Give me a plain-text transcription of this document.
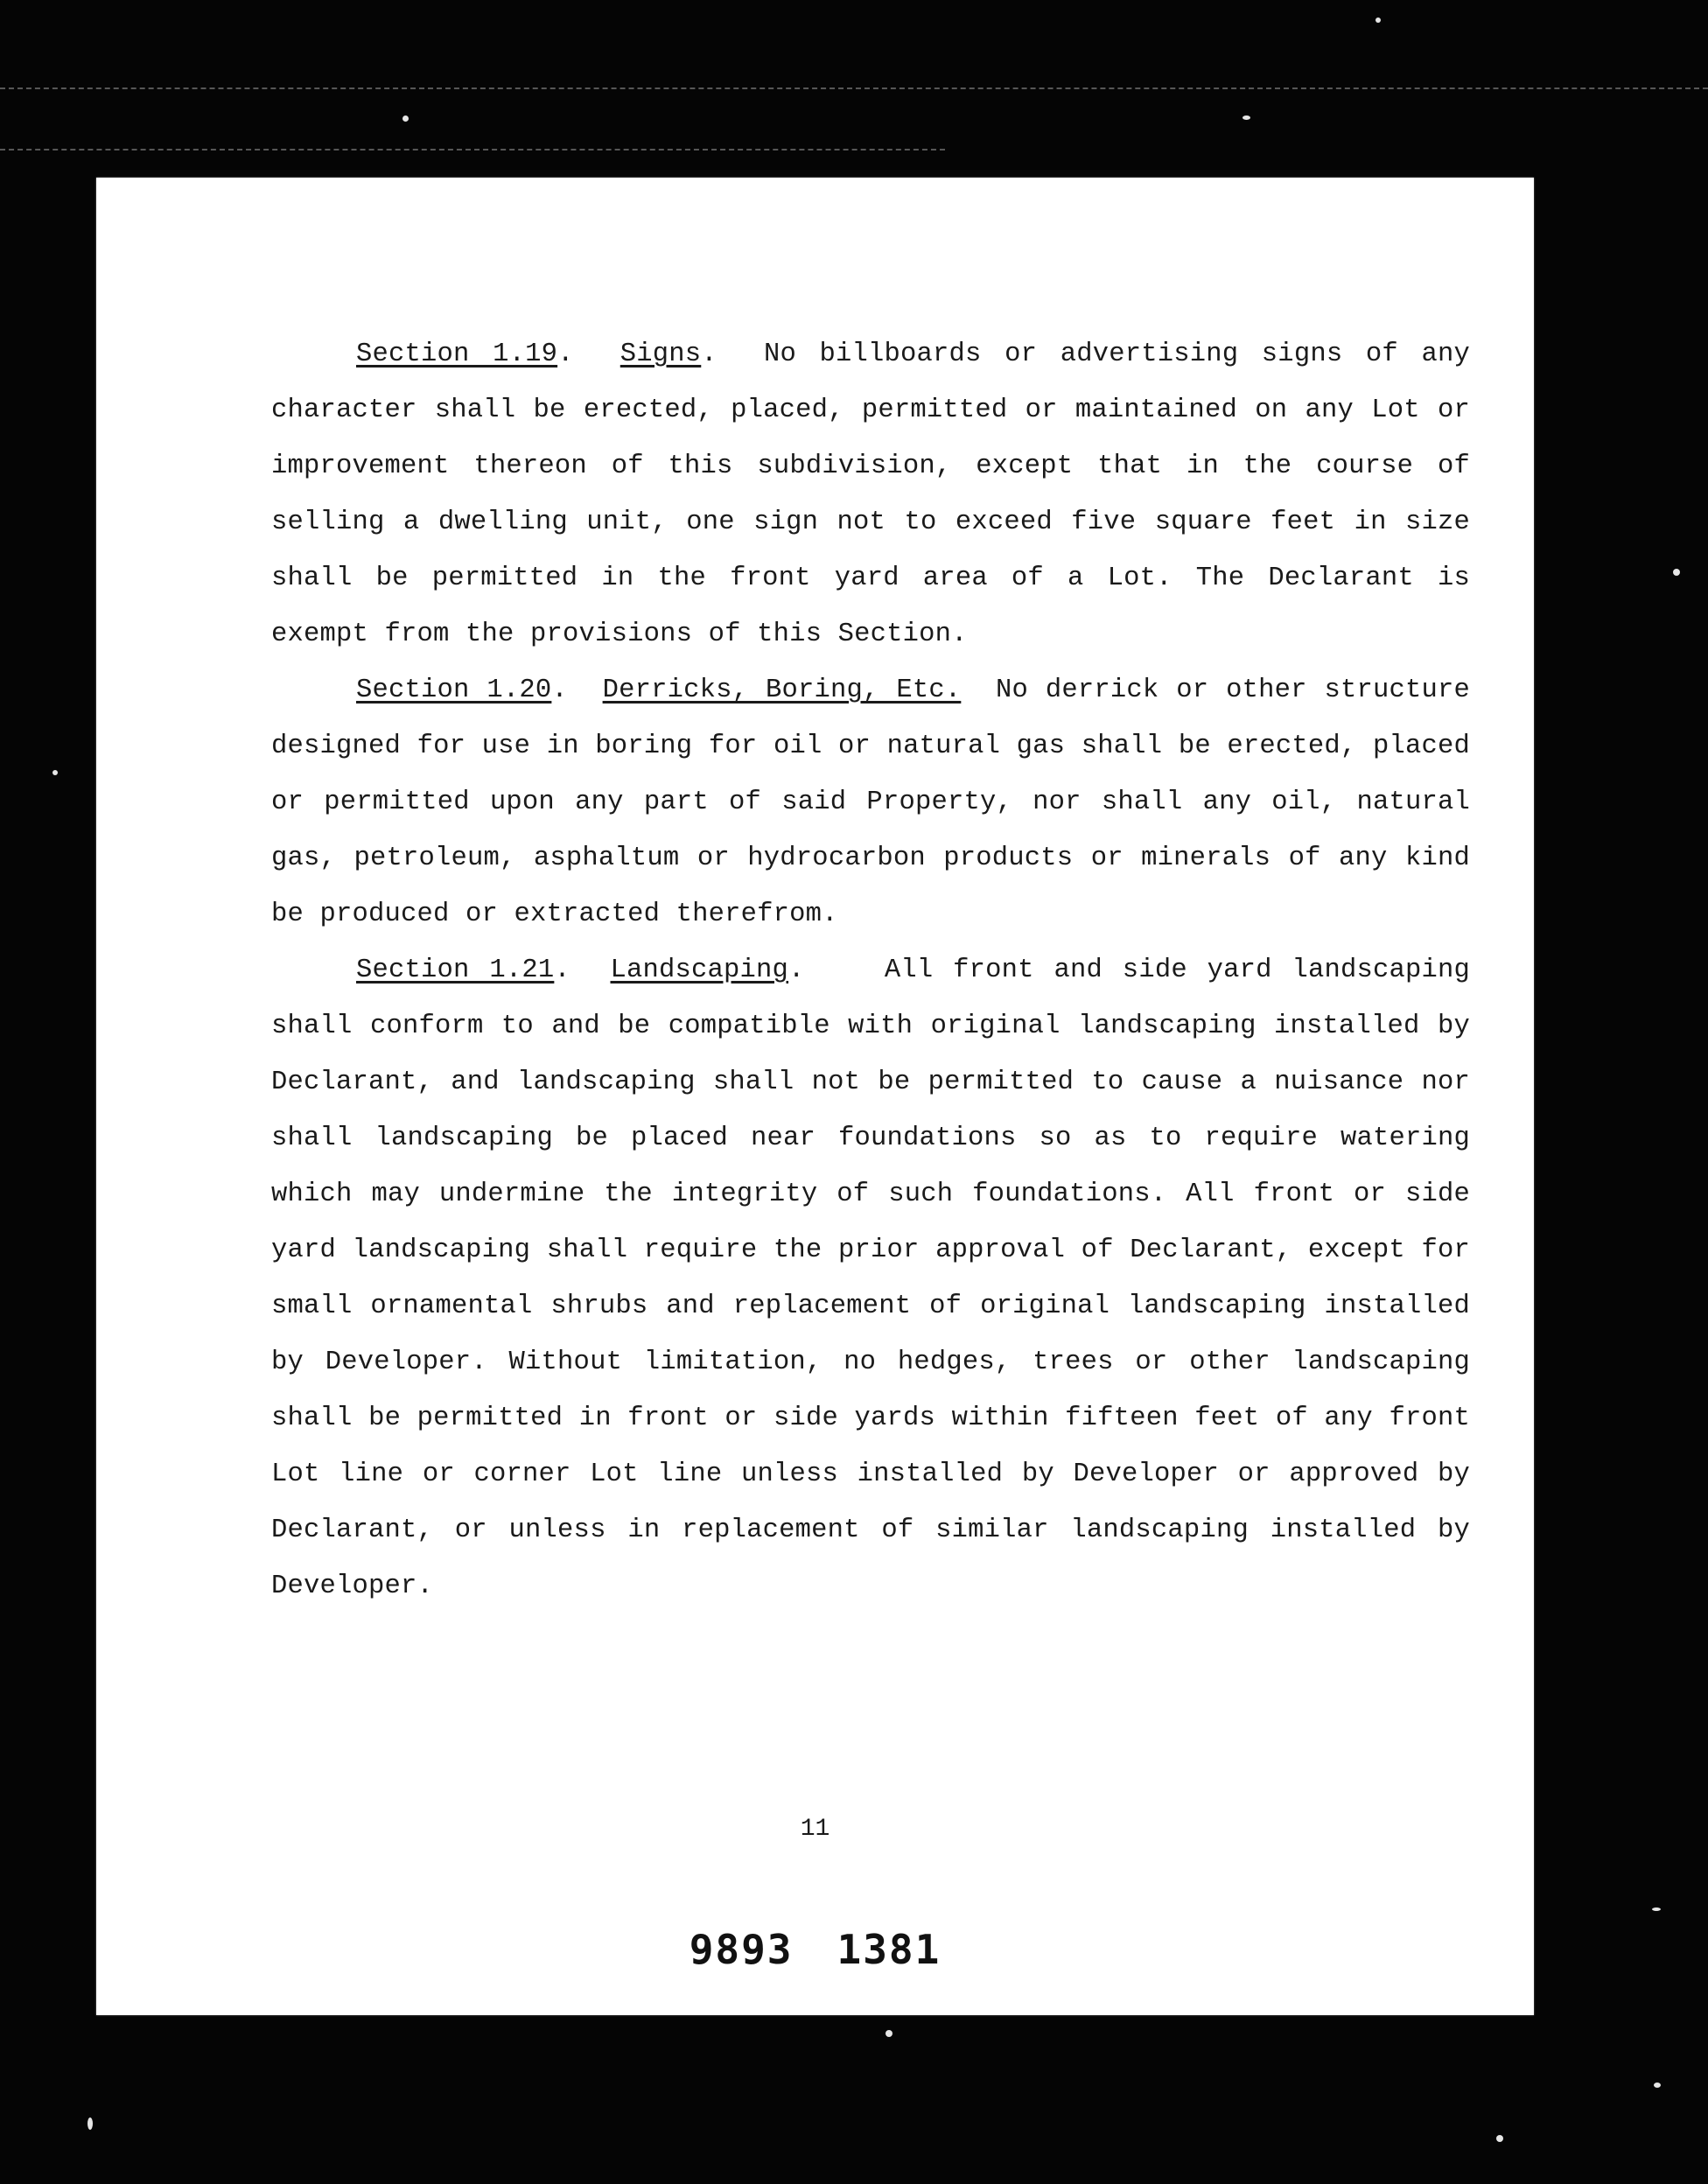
Section 1.19.  Signs.  No billboards or advertising signs of any character shall be erected, placed, permitted or maintained on any Lot or improvement thereon of this subdivision, except that in the course of selling a dwelling unit, one sign not to exceed five square feet in size shall be permitted in the front yard area of a Lot. The Declarant is exempt from the provisions of this Section.

Section 1.20.  Derricks, Boring, Etc. No derrick or other structure designed for use in boring for oil or natural gas shall be erected, placed or permitted upon any part of said Property, nor shall any oil, natural gas, petroleum, asphaltum or hydrocarbon products or minerals of any kind be produced or extracted therefrom.

Section 1.21.  Landscaping.    All front and side yard landscaping shall conform to and be compatible with original landscaping installed by Declarant, and landscaping shall not be permitted to cause a nuisance nor shall landscaping be placed near foundations so as to require watering which may undermine the integrity of such foundations. All front or side yard landscaping shall require the prior approval of Declarant, except for small ornamental shrubs and replacement of original landscaping installed by Developer. Without limitation, no hedges, trees or other landscaping shall be permitted in front or side yards within fifteen feet of any front Lot line or corner Lot line unless installed by Developer or approved by Declarant, or unless in replacement of similar landscaping installed by Developer.

11
9893 1381
